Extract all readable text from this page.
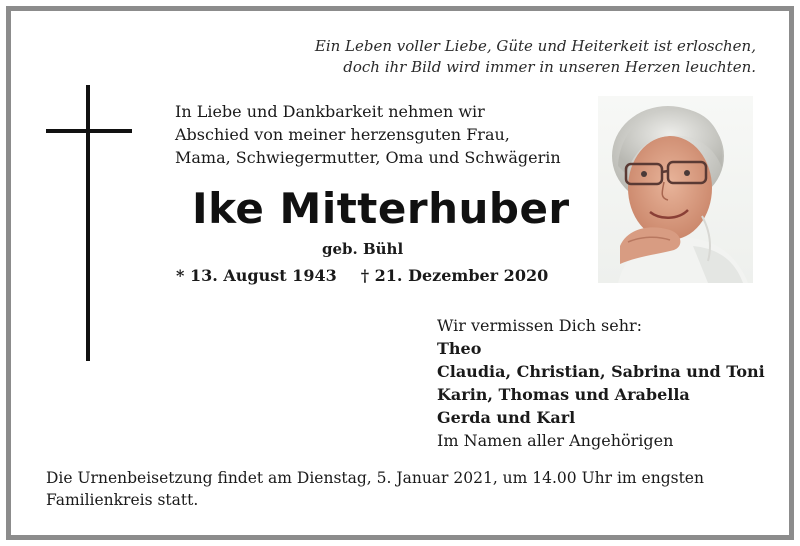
Ein Leben voller Liebe, Güte und Heiterkeit ist erloschen,
doch ihr Bild wird immer in unseren Herzen leuchten.
In Liebe und Dankbarkeit nehmen wir
Abschied von meiner herzensguten Frau,
Mama, Schwiegermutter, Oma und Schwägerin
Ike Mitterhuber
geb. Bühl
* 13. August 1943 † 21. Dezember 2020
Wir vermissen Dich sehr:
Theo
Claudia, Christian, Sabrina und Toni
Karin, Thomas und Arabella
Gerda und Karl
Im Namen aller Angehörigen
Die Urnenbeisetzung findet am Dienstag, 5. Januar 2021, um 14.00 Uhr im engsten Familienkreis statt.
